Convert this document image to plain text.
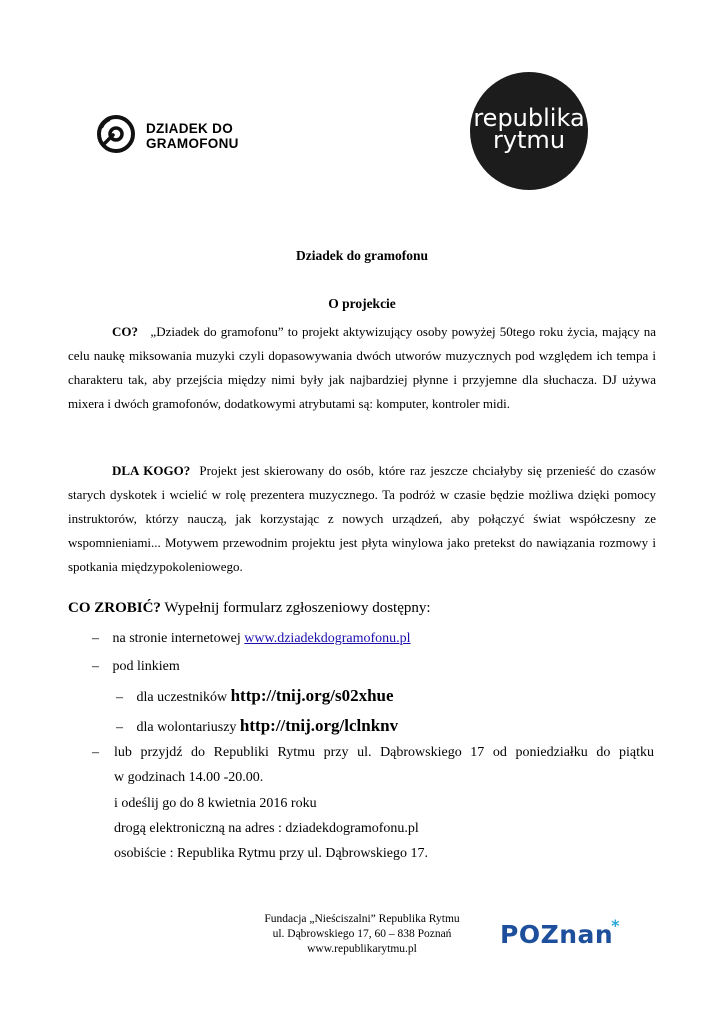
DZIADEK DO
GRAMOFONU
republika
rytmu
Dziadek do gramofonu
O projekcie
CO? „Dziadek do gramofonu” to projekt aktywizujący osoby powyżej 50tego roku życia, mający na celu naukę miksowania muzyki czyli dopasowywania dwóch utworów muzycznych pod względem ich tempa i charakteru tak, aby przejścia między nimi były jak najbardziej płynne i przyjemne dla słuchacza. DJ używa mixera i dwóch gramofonów, dodatkowymi atrybutami są: komputer, kontroler midi.
DLA KOGO? Projekt jest skierowany do osób, które raz jeszcze chciałyby się przenieść do czasów starych dyskotek i wcielić w rolę prezentera muzycznego. Ta podróż w czasie będzie możliwa dzięki pomocy instruktorów, którzy nauczą, jak korzystając z nowych urządzeń, aby połączyć świat współczesny ze wspomnieniami... Motywem przewodnim projektu jest płyta winylowa jako pretekst do nawiązania rozmowy i spotkania międzypokoleniowego.
CO ZROBIĆ? Wypełnij formularz zgłoszeniowy dostępny:
– na stronie internetowej www.dziadekdogramofonu.pl
– pod linkiem
– dla uczestników http://tnij.org/s02xhue
– dla wolontariuszy http://tnij.org/lclnknv
– lub przyjdź do Republiki Rytmu przy ul. Dąbrowskiego 17 od poniedziałku do piątku
w godzinach 14.00 -20.00.
i odeślij go do 8 kwietnia 2016 roku
drogą elektroniczną na adres : dziadekdogramofonu.pl
osobiście : Republika Rytmu przy ul. Dąbrowskiego 17.
Fundacja „Nieściszalni” Republika Rytmu
ul. Dąbrowskiego 17, 60 – 838 Poznań
www.republikarytmu.pl	POZnan*
